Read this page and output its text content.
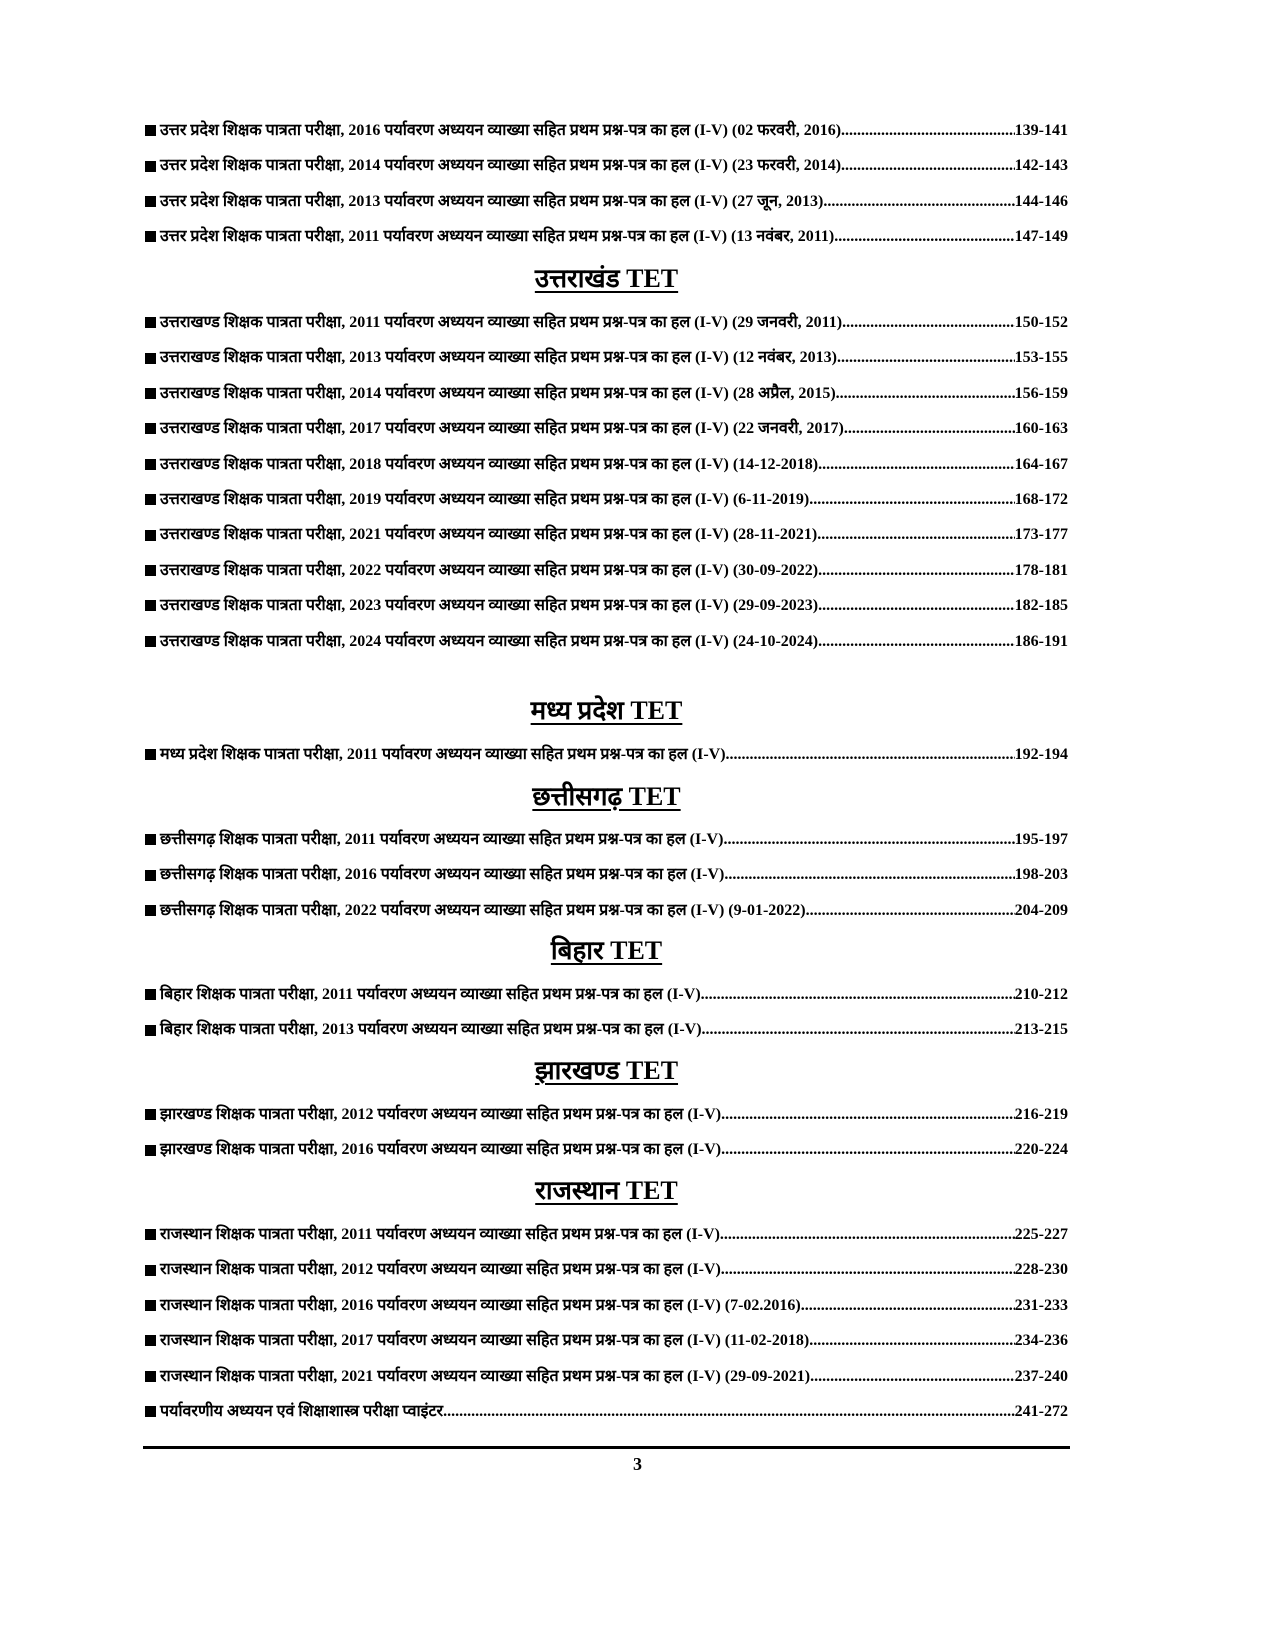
उत्तर प्रदेश शिक्षक पात्रता परीक्षा, 2016 पर्यावरण अध्ययन व्याख्या सहित प्रथम प्रश्न-पत्र का हल (I-V) (02 फरवरी, 2016) .....	139-141
उत्तर प्रदेश शिक्षक पात्रता परीक्षा, 2014 पर्यावरण अध्ययन व्याख्या सहित प्रथम प्रश्न-पत्र का हल (I-V) (23 फरवरी, 2014) .....	142-143
उत्तर प्रदेश शिक्षक पात्रता परीक्षा, 2013 पर्यावरण अध्ययन व्याख्या सहित प्रथम प्रश्न-पत्र का हल (I-V) (27 जून, 2013) .....	144-146
उत्तर प्रदेश शिक्षक पात्रता परीक्षा, 2011 पर्यावरण अध्ययन व्याख्या सहित प्रथम प्रश्न-पत्र का हल (I-V) (13 नवंबर, 2011) .....	147-149
उत्तराखंड TET
उत्तराखण्ड शिक्षक पात्रता परीक्षा, 2011 पर्यावरण अध्ययन व्याख्या सहित प्रथम प्रश्न-पत्र का हल (I-V) (29 जनवरी, 2011) .....	150-152
उत्तराखण्ड शिक्षक पात्रता परीक्षा, 2013 पर्यावरण अध्ययन व्याख्या सहित प्रथम प्रश्न-पत्र का हल (I-V) (12 नवंबर, 2013) .....	153-155
उत्तराखण्ड शिक्षक पात्रता परीक्षा, 2014 पर्यावरण अध्ययन व्याख्या सहित प्रथम प्रश्न-पत्र का हल (I-V) (28 अप्रैल, 2015) .....	156-159
उत्तराखण्ड शिक्षक पात्रता परीक्षा, 2017 पर्यावरण अध्ययन व्याख्या सहित प्रथम प्रश्न-पत्र का हल (I-V) (22 जनवरी, 2017) .....	160-163
उत्तराखण्ड शिक्षक पात्रता परीक्षा, 2018 पर्यावरण अध्ययन व्याख्या सहित प्रथम प्रश्न-पत्र का हल (I-V) (14-12-2018) .....	164-167
उत्तराखण्ड शिक्षक पात्रता परीक्षा, 2019 पर्यावरण अध्ययन व्याख्या सहित प्रथम प्रश्न-पत्र का हल (I-V) (6-11-2019) .....	168-172
उत्तराखण्ड शिक्षक पात्रता परीक्षा, 2021 पर्यावरण अध्ययन व्याख्या सहित प्रथम प्रश्न-पत्र का हल (I-V) (28-11-2021) .....	173-177
उत्तराखण्ड शिक्षक पात्रता परीक्षा, 2022 पर्यावरण अध्ययन व्याख्या सहित प्रथम प्रश्न-पत्र का हल (I-V) (30-09-2022) .....	178-181
उत्तराखण्ड शिक्षक पात्रता परीक्षा, 2023 पर्यावरण अध्ययन व्याख्या सहित प्रथम प्रश्न-पत्र का हल (I-V) (29-09-2023) .....	182-185
उत्तराखण्ड शिक्षक पात्रता परीक्षा, 2024 पर्यावरण अध्ययन व्याख्या सहित प्रथम प्रश्न-पत्र का हल (I-V) (24-10-2024) .....	186-191
मध्य प्रदेश TET
मध्य प्रदेश शिक्षक पात्रता परीक्षा, 2011 पर्यावरण अध्ययन व्याख्या सहित प्रथम प्रश्न-पत्र का हल (I-V) .....	192-194
छत्तीसगढ़ TET
छत्तीसगढ़ शिक्षक पात्रता परीक्षा, 2011 पर्यावरण अध्ययन व्याख्या सहित प्रथम प्रश्न-पत्र का हल (I-V) .....	195-197
छत्तीसगढ़ शिक्षक पात्रता परीक्षा, 2016 पर्यावरण अध्ययन व्याख्या सहित प्रथम प्रश्न-पत्र का हल (I-V) .....	198-203
छत्तीसगढ़ शिक्षक पात्रता परीक्षा, 2022 पर्यावरण अध्ययन व्याख्या सहित प्रथम प्रश्न-पत्र का हल (I-V) (9-01-2022) .....	204-209
बिहार TET
बिहार शिक्षक पात्रता परीक्षा, 2011 पर्यावरण अध्ययन व्याख्या सहित प्रथम प्रश्न-पत्र का हल (I-V) .....	210-212
बिहार शिक्षक पात्रता परीक्षा, 2013 पर्यावरण अध्ययन व्याख्या सहित प्रथम प्रश्न-पत्र का हल (I-V) .....	213-215
झारखण्ड TET
झारखण्ड शिक्षक पात्रता परीक्षा, 2012 पर्यावरण अध्ययन व्याख्या सहित प्रथम प्रश्न-पत्र का हल (I-V) .....	216-219
झारखण्ड शिक्षक पात्रता परीक्षा, 2016 पर्यावरण अध्ययन व्याख्या सहित प्रथम प्रश्न-पत्र का हल (I-V) .....	220-224
राजस्थान TET
राजस्थान शिक्षक पात्रता परीक्षा, 2011 पर्यावरण अध्ययन व्याख्या सहित प्रथम प्रश्न-पत्र का हल (I-V) .....	225-227
राजस्थान शिक्षक पात्रता परीक्षा, 2012 पर्यावरण अध्ययन व्याख्या सहित प्रथम प्रश्न-पत्र का हल (I-V) .....	228-230
राजस्थान शिक्षक पात्रता परीक्षा, 2016 पर्यावरण अध्ययन व्याख्या सहित प्रथम प्रश्न-पत्र का हल (I-V) (7-02.2016) .....	231-233
राजस्थान शिक्षक पात्रता परीक्षा, 2017 पर्यावरण अध्ययन व्याख्या सहित प्रथम प्रश्न-पत्र का हल (I-V) (11-02-2018) .....	234-236
राजस्थान शिक्षक पात्रता परीक्षा, 2021 पर्यावरण अध्ययन व्याख्या सहित प्रथम प्रश्न-पत्र का हल (I-V) (29-09-2021) .....	237-240
पर्यावरणीय अध्ययन एवं शिक्षाशास्त्र परीक्षा प्वाइंटर .....	241-272
3
